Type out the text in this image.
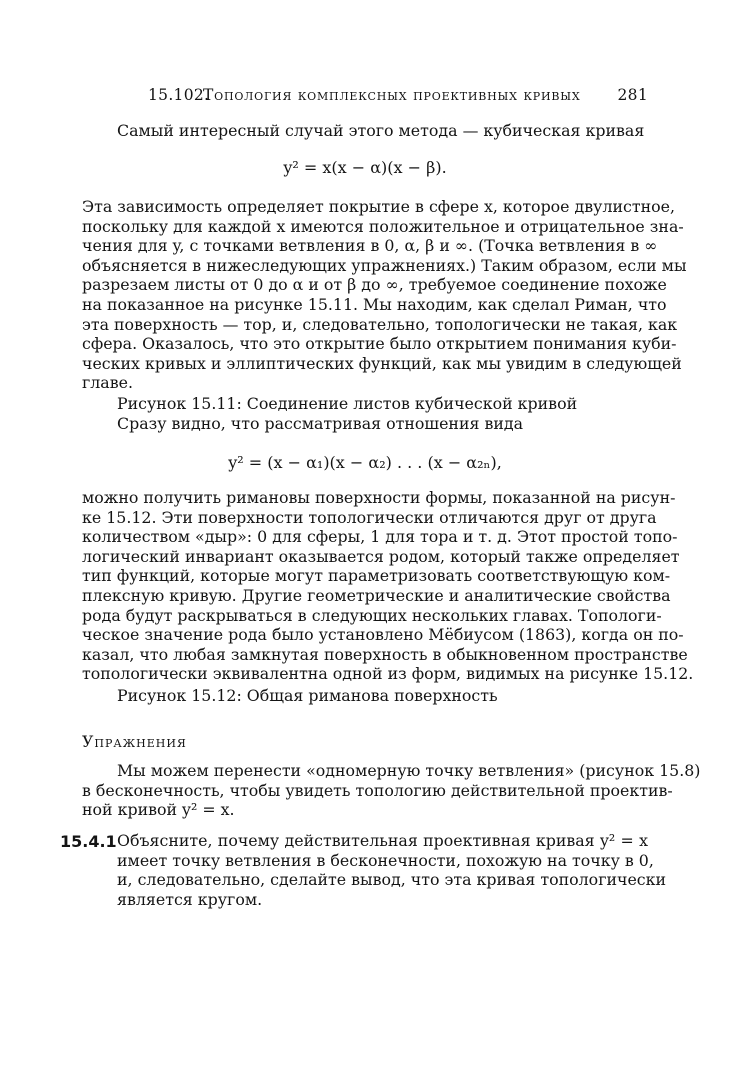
15.102.
Топология комплексных проективных кривых 281
Самый интересный случай этого метода — кубическая кривая
y² = x(x − α)(x − β).
Эта зависимость определяет покрытие в сфере x, которое двулистное,
поскольку для каждой x имеются положительное и отрицательное зна-
чения для y, с точками ветвления в 0, α, β и ∞. (Точка ветвления в ∞
объясняется в нижеследующих упражнениях.) Таким образом, если мы
разрезаем листы от 0 до α и от β до ∞, требуемое соединение похоже
на показанное на рисунке 15.11. Мы находим, как сделал Риман, что
эта поверхность — тор, и, следовательно, топологически не такая, как
сфера. Оказалось, что это открытие было открытием понимания куби-
ческих кривых и эллиптических функций, как мы увидим в следующей
главе.
Рисунок 15.11: Соединение листов кубической кривой
Сразу видно, что рассматривая отношения вида
y² = (x − α₁)(x − α₂) . . . (x − α₂ₙ),
можно получить римановы поверхности формы, показанной на рисун-
ке 15.12. Эти поверхности топологически отличаются друг от друга
количеством «дыр»: 0 для сферы, 1 для тора и т. д. Этот простой топо-
логический инвариант оказывается родом, который также определяет
тип функций, которые могут параметризовать соответствующую ком-
плексную кривую. Другие геометрические и аналитические свойства
рода будут раскрываться в следующих нескольких главах. Топологи-
ческое значение рода было установлено Мёбиусом (1863), когда он по-
казал, что любая замкнутая поверхность в обыкновенном пространстве
топологически эквивалентна одной из форм, видимых на рисунке 15.12.
Рисунок 15.12: Общая риманова поверхность
Упражнения
Мы можем перенести «одномерную точку ветвления» (рисунок 15.8)
в бесконечность, чтобы увидеть топологию действительной проектив-
ной кривой y² = x.
15.4.1 Объясните, почему действительная проективная кривая y² = x
имеет точку ветвления в бесконечности, похожую на точку в 0,
и, следовательно, сделайте вывод, что эта кривая топологически
является кругом.
